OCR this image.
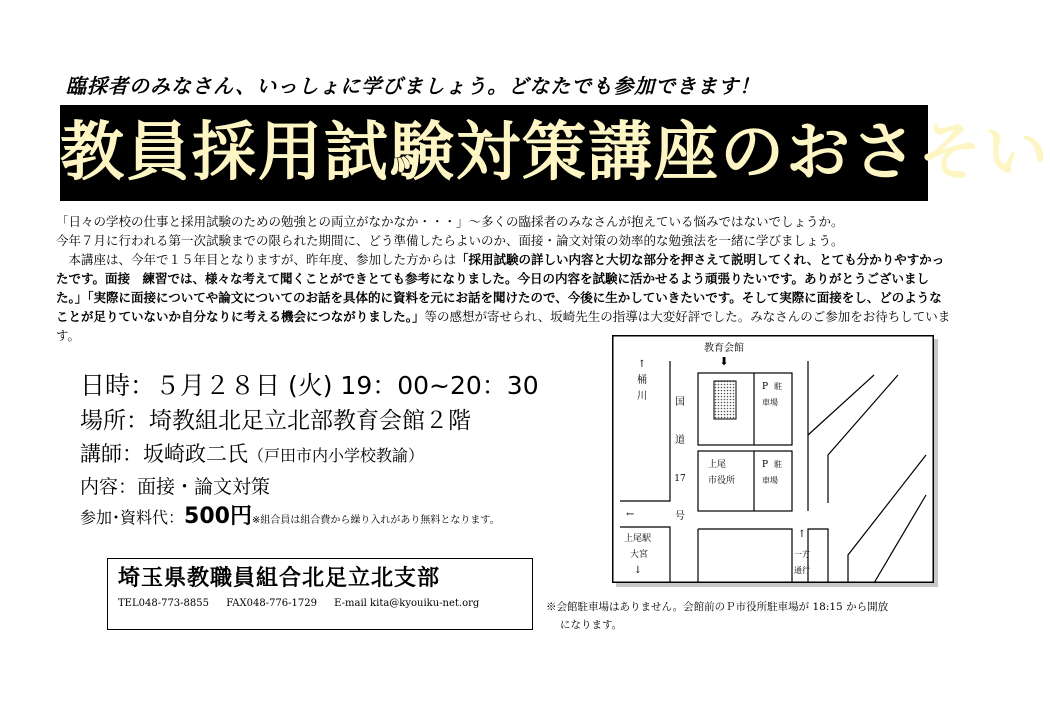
臨採者のみなさん、いっしょに学びましょう。どなたでも参加できます！
教員採用試験対策講座のおさそい

「日々の学校の仕事と採用試験のための勉強との両立がなかなか・・・」～多くの臨採者のみなさんが抱えている悩みではないでしょうか。

今年７月に行われる第一次試験までの限られた期間に、どう準備したらよいのか、面接・論文対策の効率的な勉強法を一緒に学びましょう。

　本講座は、今年で１５年目となりますが、昨年度、参加した方からは「採用試験の詳しい内容と大切な部分を押さえて説明してくれ、とても分かりやすかったです。面接　練習では、様々な考えて聞くことができとても参考になりました。今日の内容を試験に活かせるよう頑張りたいです。ありがとうございました。」「実際に面接についてや論文についてのお話を具体的に資料を元にお話を聞けたので、今後に生かしていきたいです。そして実際に面接をし、どのようなことが足りていないか自分なりに考える機会につながりました。」等の感想が寄せられ、坂崎先生の指導は大変好評でした。みなさんのご参加をお待ちしています。

日時：５月２８日 (火) 19：00~20：30
場所：埼教組北足立北部教育会館２階
講師：坂崎政二氏（戸田市内小学校教諭）
内容：面接・論文対策
参加･資料代：500円※組合員は組合費から繰り入れがあり無料となります。
埼玉県教職員組合北足立北支部
TEL048-773-8855 FAX048-776-1729 E-mail kita@kyouiku-net.org
教育会館
⬇
↑
桶
川
国
道
17
号
P 駐
車場
上尾
市役所
P 駐
車場
←
上尾駅
大宮
↓
↑
一方
通行

※会館駐車場はありません。会館前のＰ市役所駐車場が 18:15 から開放

になります。
